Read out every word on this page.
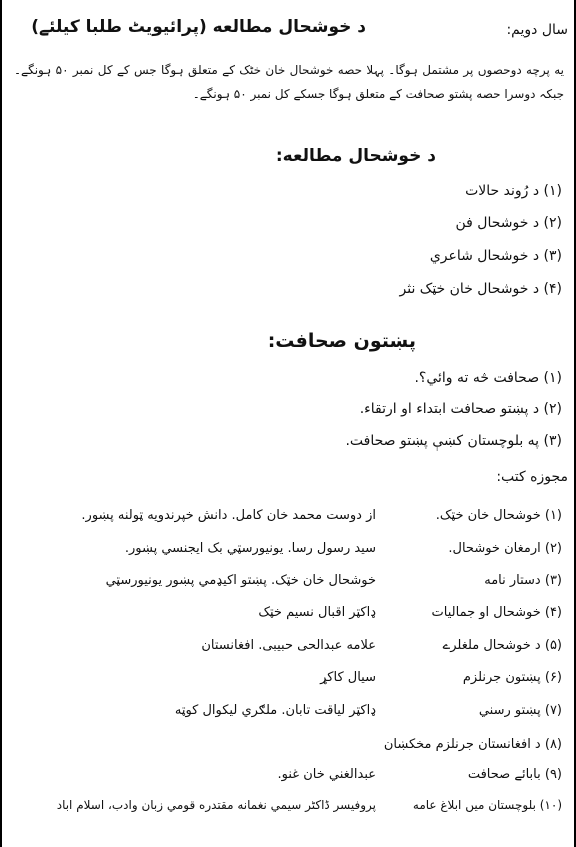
سال دويم:
د خوشحال مطالعه (پرائيويٹ طلبا کيلئے)
يه پرچه دوحصوں پر مشتمل ہوگا۔ پہلا حصه خوشحال خان خٹک کے متعلق ہوگا جس کے کل نمبر ۵۰ ہونگے۔ جبکہ دوسرا حصه پشتو صحافت کے متعلق ہوگا جسکے کل نمبر ۵۰ ہونگے۔
د خوشحال مطالعه:
(۱) د رُوند حالات
(۲) د خوشحال فن
(۳) د خوشحال شاعري
(۴) د خوشحال خان خټک نثر
پښتون صحافت:
(۱) صحافت څه ته وائي؟.
(۲) د پښتو صحافت ابتداء او ارتقاء.
(۳) په بلوچستان کښې پښتو صحافت.
مجوزه کتب:
(۱) خوشحال خان خټک.
از دوست محمد خان کامل. دانش خپرندويه ټولنه پښور.
(۲) ارمغان خوشحال.
سيد رسول رسا. يونيورسټي بک ايجنسي پښور.
(۳) دستار نامه
خوشحال خان خټک. پښتو اکيډمي پښور يونيورسټي
(۴) خوشحال او جماليات
ډاکټر اقبال نسيم خټک
(۵) د خوشحال ملغلرے
علامه عبدالحی حبيبی. افغانستان
(۶) پښتون جرنلزم
سيال کاکړ
(۷) پښتو رسني
ډاکټر لياقت تابان. ملګري ليکوال کوټه
(۸) د افغانستان جرنلزم مخکښان
(۹) بابائے صحافت
عبدالغني خان غنو.
(۱۰) بلوچستان ميں ابلاغ عامه
پروفيسر ڈاکٹر سيمي نغمانه مقتدره قومي زبان وادب، اسلام اباد
